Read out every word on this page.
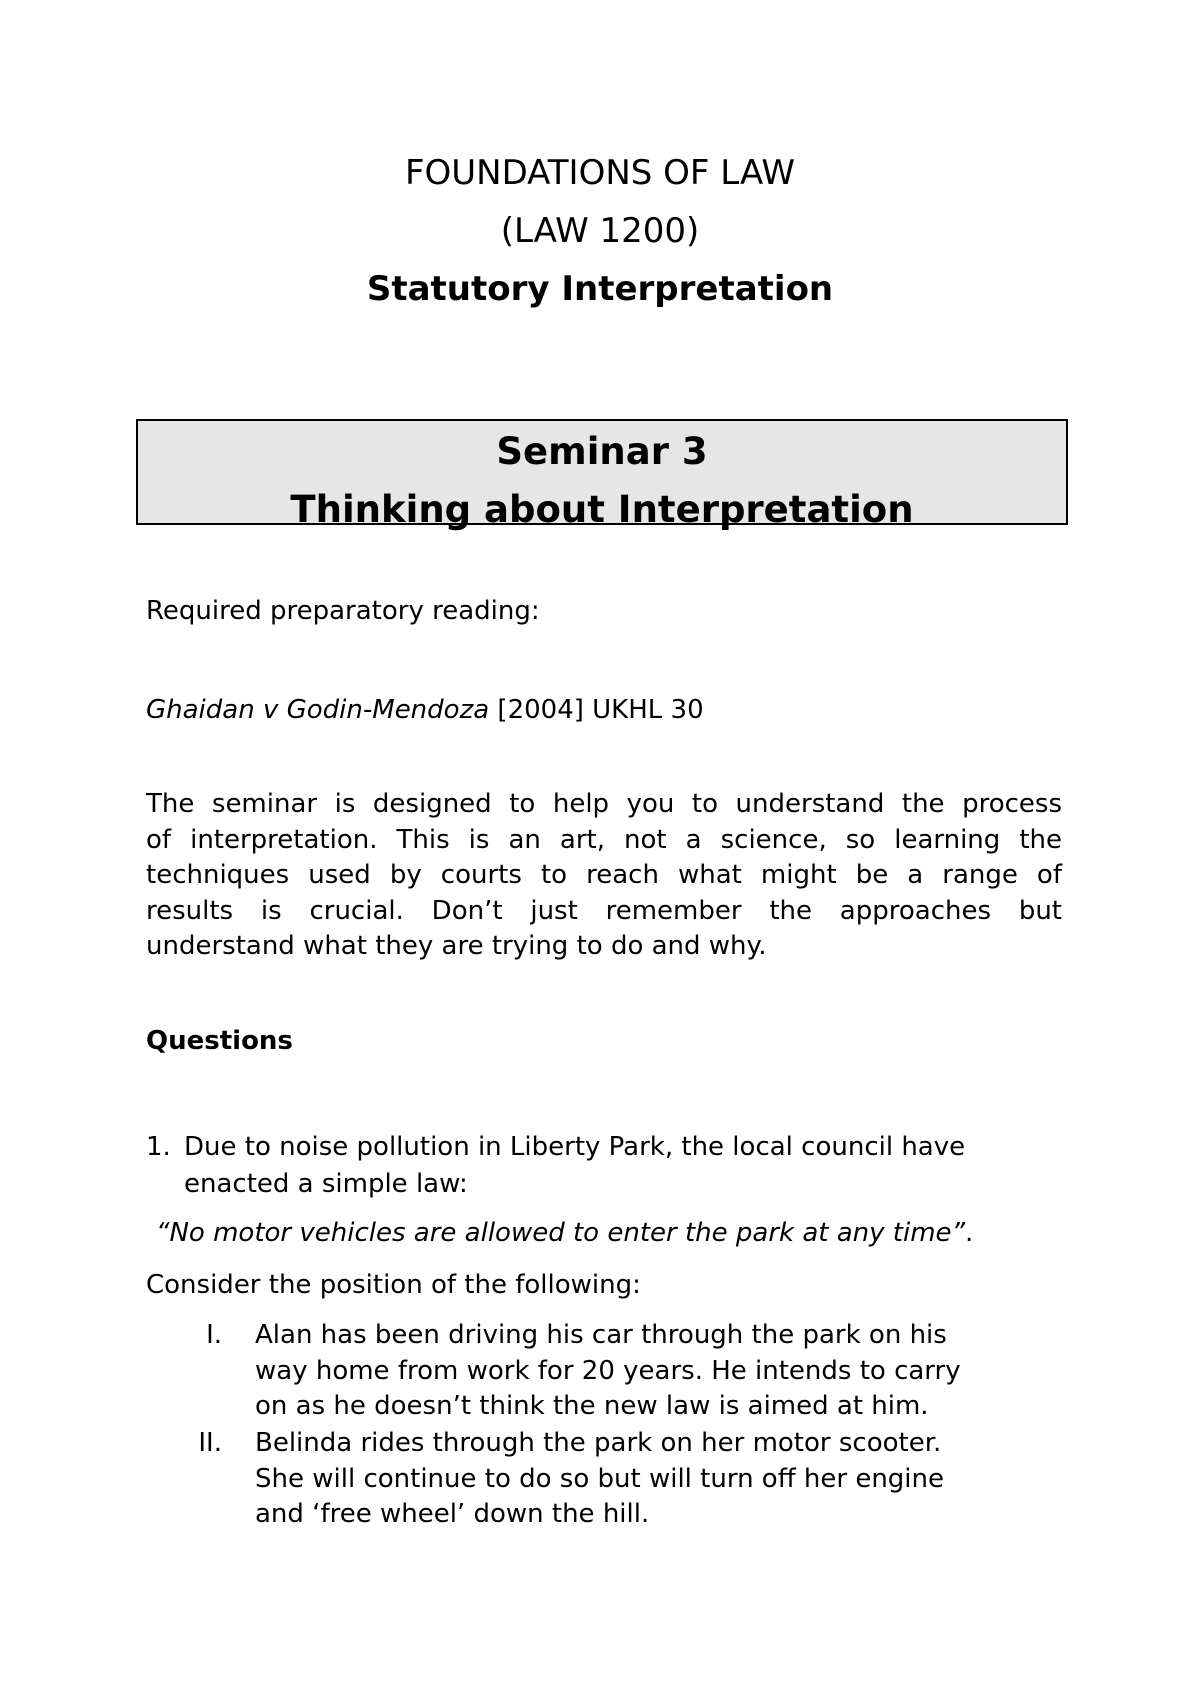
FOUNDATIONS OF LAW
(LAW 1200)
Statutory Interpretation
Seminar 3
Thinking about Interpretation
Required preparatory reading:
Ghaidan v Godin-Mendoza [2004] UKHL 30
The seminar is designed to help you to understand the process
of interpretation. This is an art, not a science, so learning the
techniques used by courts to reach what might be a range of
results is crucial. Don’t just remember the approaches but
understand what they are trying to do and why.
Questions
1. Due to noise pollution in Liberty Park, the local council have
enacted a simple law:
“No motor vehicles are allowed to enter the park at any time”.
Consider the position of the following:
I. Alan has been driving his car through the park on his
way home from work for 20 years. He intends to carry
on as he doesn’t think the new law is aimed at him.
II. Belinda rides through the park on her motor scooter.
She will continue to do so but will turn off her engine
and ‘free wheel’ down the hill.
